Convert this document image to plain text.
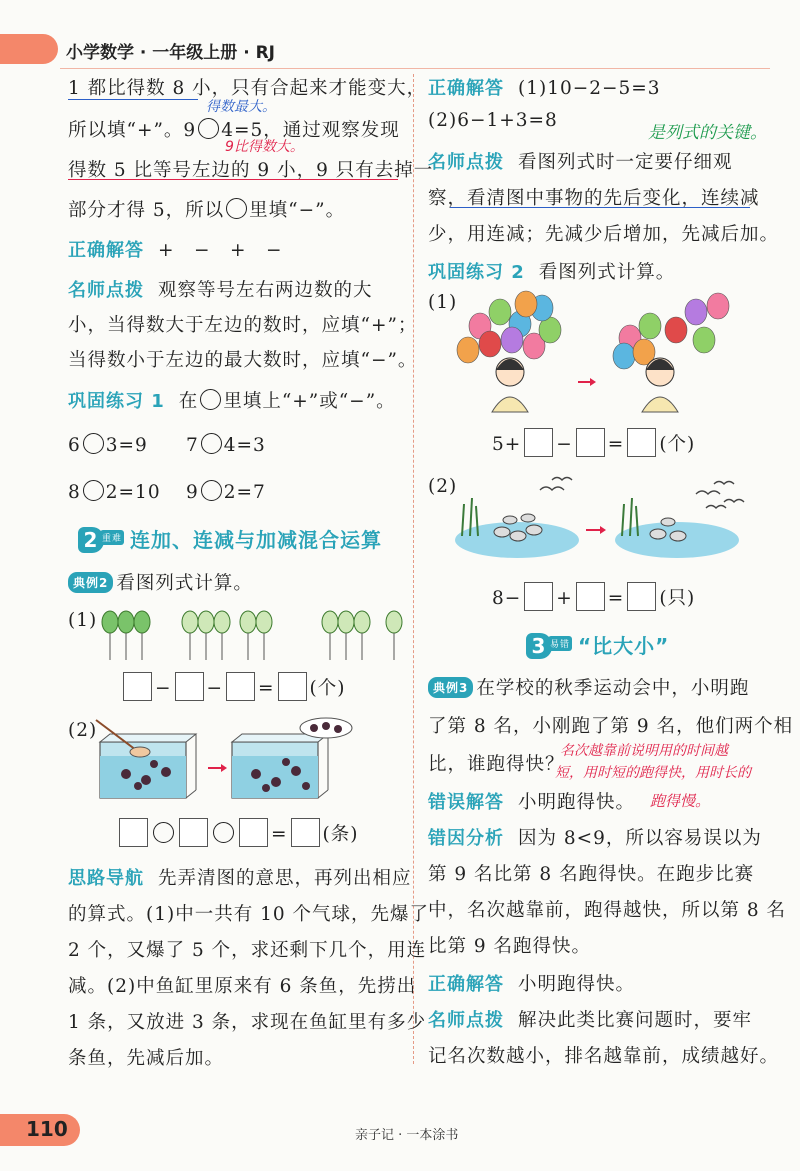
小学数学 · 一年级上册 · RJ
1 都比得数 8 小，只有合起来才能变大，
得数最大。
所以填“+”。9 4=5，通过观察发现
9比得数大。
得数 5 比等号左边的 9 小，9 只有去掉一
部分才得 5，所以 里填“−”。
正确解答 +　−　+　−
名师点拨 观察等号左右两边数的大
小，当得数大于左边的数时，应填“+”；
当得数小于左边的最大数时，应填“−”。
巩固练习 1 在 里填上“+”或“−”。
6 3=9 7 4=3
8 2=10 9 2=7
2 重难 连加、连减与加减混合运算
典例2 看图列式计算。
(1)
− − = (个)
(2)
= (条)
思路导航 先弄清图的意思，再列出相应
的算式。(1)中一共有 10 个气球，先爆了
2 个，又爆了 5 个，求还剩下几个，用连
减。(2)中鱼缸里原来有 6 条鱼，先捞出
1 条，又放进 3 条，求现在鱼缸里有多少
条鱼，先减后加。
正确解答 (1)10−2−5=3
(2)6−1+3=8
是列式的关键。
名师点拨 看图列式时一定要仔细观
察，看清图中事物的先后变化，连续减
少，用连减；先减少后增加，先减后加。
巩固练习 2 看图列式计算。
(1)
5+ − = (个)
(2)
8− + = (只)
3 易错 “比大小”
典例3 在学校的秋季运动会中，小明跑
了第 8 名，小刚跑了第 9 名，他们两个相
比，谁跑得快？
名次越靠前说明用的时间越
短，用时短的跑得快，用时长的
错误解答 小明跑得快。 跑得慢。
错因分析 因为 8<9，所以容易误以为
第 9 名比第 8 名跑得快。在跑步比赛
中，名次越靠前，跑得越快，所以第 8 名
比第 9 名跑得快。
正确解答 小明跑得快。
名师点拨 解决此类比赛问题时，要牢
记名次数越小，排名越靠前，成绩越好。
110	亲子记 · 一本涂书
